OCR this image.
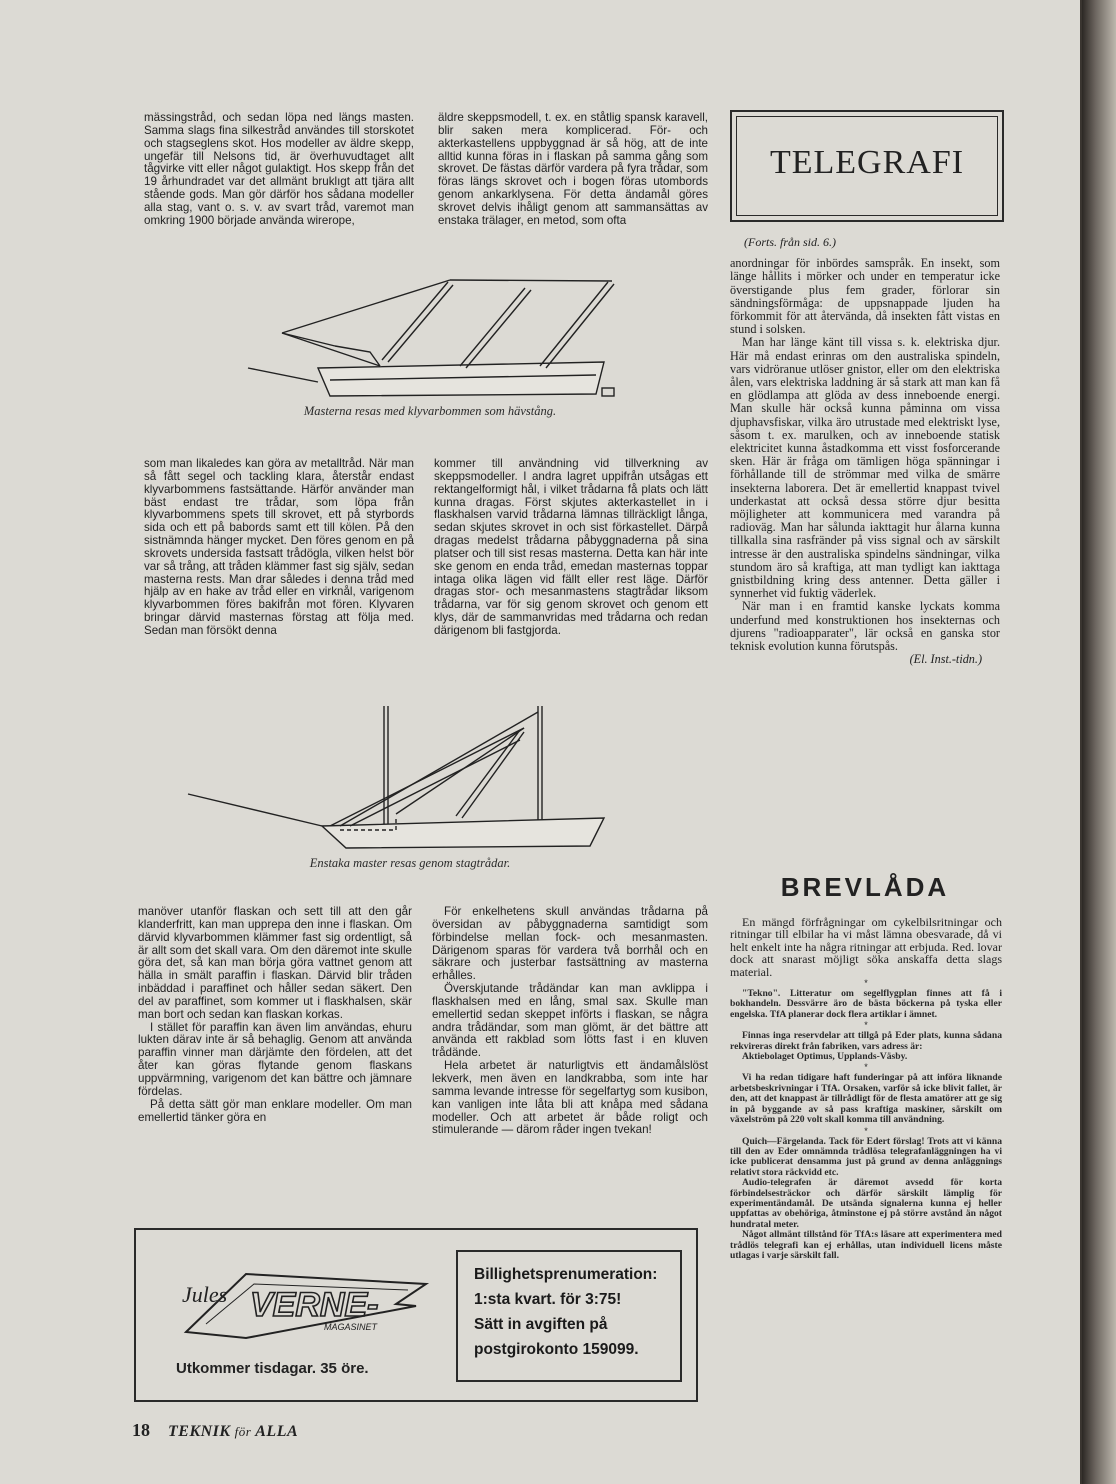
mässingstråd, och sedan löpa ned längs masten. Samma slags fina silkestråd användes till storskotet och stagseglens skot. Hos modeller av äldre skepp, ungefär till Nelsons tid, är överhuvudtaget allt tågvirke vitt eller något gulaktigt. Hos skepp från det 19 århundradet var det allmänt bruklıgt att tjära allt stående gods. Man gör därför hos sådana modeller alla stag, vant o. s. v. av svart tråd, varemot man omkring 1900 började använda wirerope,

äldre skeppsmodell, t. ex. en ståtlig spansk karavell, blir saken mera komplicerad. För- och akterkastellens uppbyggnad är så hög, att de inte alltid kunna föras in i flaskan på samma gång som skrovet. De fästas därför vardera på fyra trådar, som föras längs skrovet och i bogen föras utombords genom ankarklysena. För detta ändamål göres skrovet delvis ihåligt genom att sammansättas av enstaka trälager, en metod, som ofta

Masterna resas med klyvarbommen som hävstång.

som man likaledes kan göra av metalltråd. När man så fått segel och tackling klara, återstår endast klyvarbommens fastsättande. Härför använder man bäst endast tre trådar, som löpa från klyvarbommens spets till skrovet, ett på styrbords sida och ett på babords samt ett till kölen. På den sistnämnda hänger mycket. Den föres genom en på skrovets undersida fastsatt trådögla, vilken helst bör var så trång, att tråden klämmer fast sig själv, sedan masterna rests. Man drar således i denna tråd med hjälp av en hake av tråd eller en virknål, varigenom klyvarbommen föres bakifrån mot fören. Klyvaren bringar därvid masternas förstag att följa med. Sedan man försökt denna

kommer till användning vid tillverkning av skeppsmodeller. I andra lagret uppifrån utsågas ett rektangelformigt hål, i vilket trådarna få plats och lätt kunna dragas. Först skjutes akterkastellet in i flaskhalsen varvid trådarna lämnas tillräckligt långa, sedan skjutes skrovet in och sist förkastellet. Därpå dragas medelst trådarna påbyggnaderna på sina platser och till sist resas masterna. Detta kan här inte ske genom en enda tråd, emedan masternas toppar intaga olika lägen vid fällt eller rest läge. Därför dragas stor- och mesanmastens stagtrådar liksom trådarna, var för sig genom skrovet och genom ett klys, där de sammanvridas med trådarna och redan därigenom bli fastgjorda.

Enstaka master resas genom stagtrådar.

manöver utanför flaskan och sett till att den går klanderfritt, kan man upprepa den inne i flaskan. Om därvid klyvarbommen klämmer fast sig ordentligt, så är allt som det skall vara. Om den däremot inte skulle göra det, så kan man börja göra vattnet genom att hälla in smält paraffin i flaskan. Därvid blir tråden inbäddad i paraffinet och håller sedan säkert. Den del av paraffinet, som kommer ut i flaskhalsen, skär man bort och sedan kan flaskan korkas.

I stället för paraffin kan även lim användas, ehuru lukten därav inte är så behaglig. Genom att använda paraffin vinner man därjämte den fördelen, att det åter kan göras flytande genom flaskans uppvärmning, varigenom det kan bättre och jämnare fördelas.

På detta sätt gör man enklare modeller. Om man emellertid tänker göra en

För enkelhetens skull användas trådarna på översidan av påbyggnaderna samtidigt som förbindelse mellan fock- och mesanmasten. Därigenom sparas för vardera två borrhål och en säkrare och justerbar fastsättning av masterna erhålles.

Överskjutande trådändar kan man avklippa i flaskhalsen med en lång, smal sax. Skulle man emellertid sedan skeppet införts i flaskan, se några andra trådändar, som man glömt, är det bättre att använda ett rakblad som lötts fast i en kluven trådände.

Hela arbetet är naturligtvis ett ändamålslöst lekverk, men även en landkrabba, som inte har samma levande intresse för segelfartyg som kusibon, kan vanligen inte låta bli att knåpa med sådana modeller. Och att arbetet är både roligt och stimulerande — därom råder ingen tvekan!

TELEGRAFI
(Forts. från sid. 6.)

anordningar för inbördes samspråk. En insekt, som länge hållits i mörker och under en temperatur icke överstigande plus fem grader, förlorar sin sändningsförmåga: de uppsnappade ljuden ha förkommit för att återvända, då insekten fått vistas en stund i solsken.

Man har länge känt till vissa s. k. elektriska djur. Här må endast erinras om den australiska spindeln, vars vidröranue utlöser gnistor, eller om den elektriska ålen, vars elektriska laddning är så stark att man kan få en glödlampa att glöda av dess inneboende energi. Man skulle här också kunna påminna om vissa djuphavsfiskar, vilka äro utrustade med elektriskt lyse, såsom t. ex. marulken, och av inneboende statisk elektricitet kunna åstadkomma ett visst fosforcerande sken. Här är fråga om tämligen höga spänningar i förhållande till de strömmar med vilka de smärre insekterna laborera. Det är emellertid knappast tvivel underkastat att också dessa större djur besitta möjligheter att kommunicera med varandra på radioväg. Man har sålunda iakttagit hur ålarna kunna tillkalla sina rasfränder på viss signal och av särskilt intresse är den australiska spindelns sändningar, vilka stundom äro så kraftiga, att man tydligt kan iakttaga gnistbildning kring dess antenner. Detta gäller i synnerhet vid fuktig väderlek.

När man i en framtid kanske lyckats komma underfund med konstruktionen hos insekternas och djurens "radioapparater", lär också en ganska stor teknisk evolution kunna förutspås.

(El. Inst.-tidn.)
BREVLÅDA

En mängd förfrågningar om cykelbilsritningar och ritningar till elbilar ha vi måst lämna obesvarade, då vi helt enkelt inte ha några ritningar att erbjuda. Red. lovar dock att snarast möjligt söka anskaffa detta slags material.

*

"Tekno". Litteratur om segelflygplan finnes att få i bokhandeln. Dessvärre äro de bästa böckerna på tyska eller engelska. TfA planerar dock flera artiklar i ämnet.

*

Finnas inga reservdelar att tillgå på Eder plats, kunna sådana rekvireras direkt från fabriken, vars adress är:

Aktiebolaget Optimus, Upplands-Väsby.

*

Vi ha redan tidigare haft funderingar på att införa liknande arbetsbeskrivningar i TfA. Orsaken, varför så icke blivit fallet, är den, att det knappast är tillrådligt för de flesta amatörer att ge sig in på byggande av så pass kraftiga maskiner, särskilt om växelström på 220 volt skall komma till användning.

*

Quich—Färgelanda. Tack för Edert förslag! Trots att vi känna till den av Eder omnämnda trådlösa telegrafanläggningen ha vi icke publicerat densamma just på grund av denna anläggnings relativt stora räckvidd etc.

Audio-telegrafen är däremot avsedd för korta förbindelsesträckor och därför särskilt lämplig för experimentändamål. De utsända signalerna kunna ej heller uppfattas av obehöriga, åtminstone ej på större avstånd än något hundratal meter.

Något allmänt tillstånd för TfA:s läsare att experimentera med trådlös telegrafi kan ej erhållas, utan individuell licens måste utlagas i varje särskilt fall.

Jules VERNE-
MAGASINET
Utkommer tisdagar. 35 öre.
Billighetsprenumeration:
1:sta kvart. för 3:75!
Sätt in avgiften på
postgirokonto 159099.
18 TEKNIK för ALLA
